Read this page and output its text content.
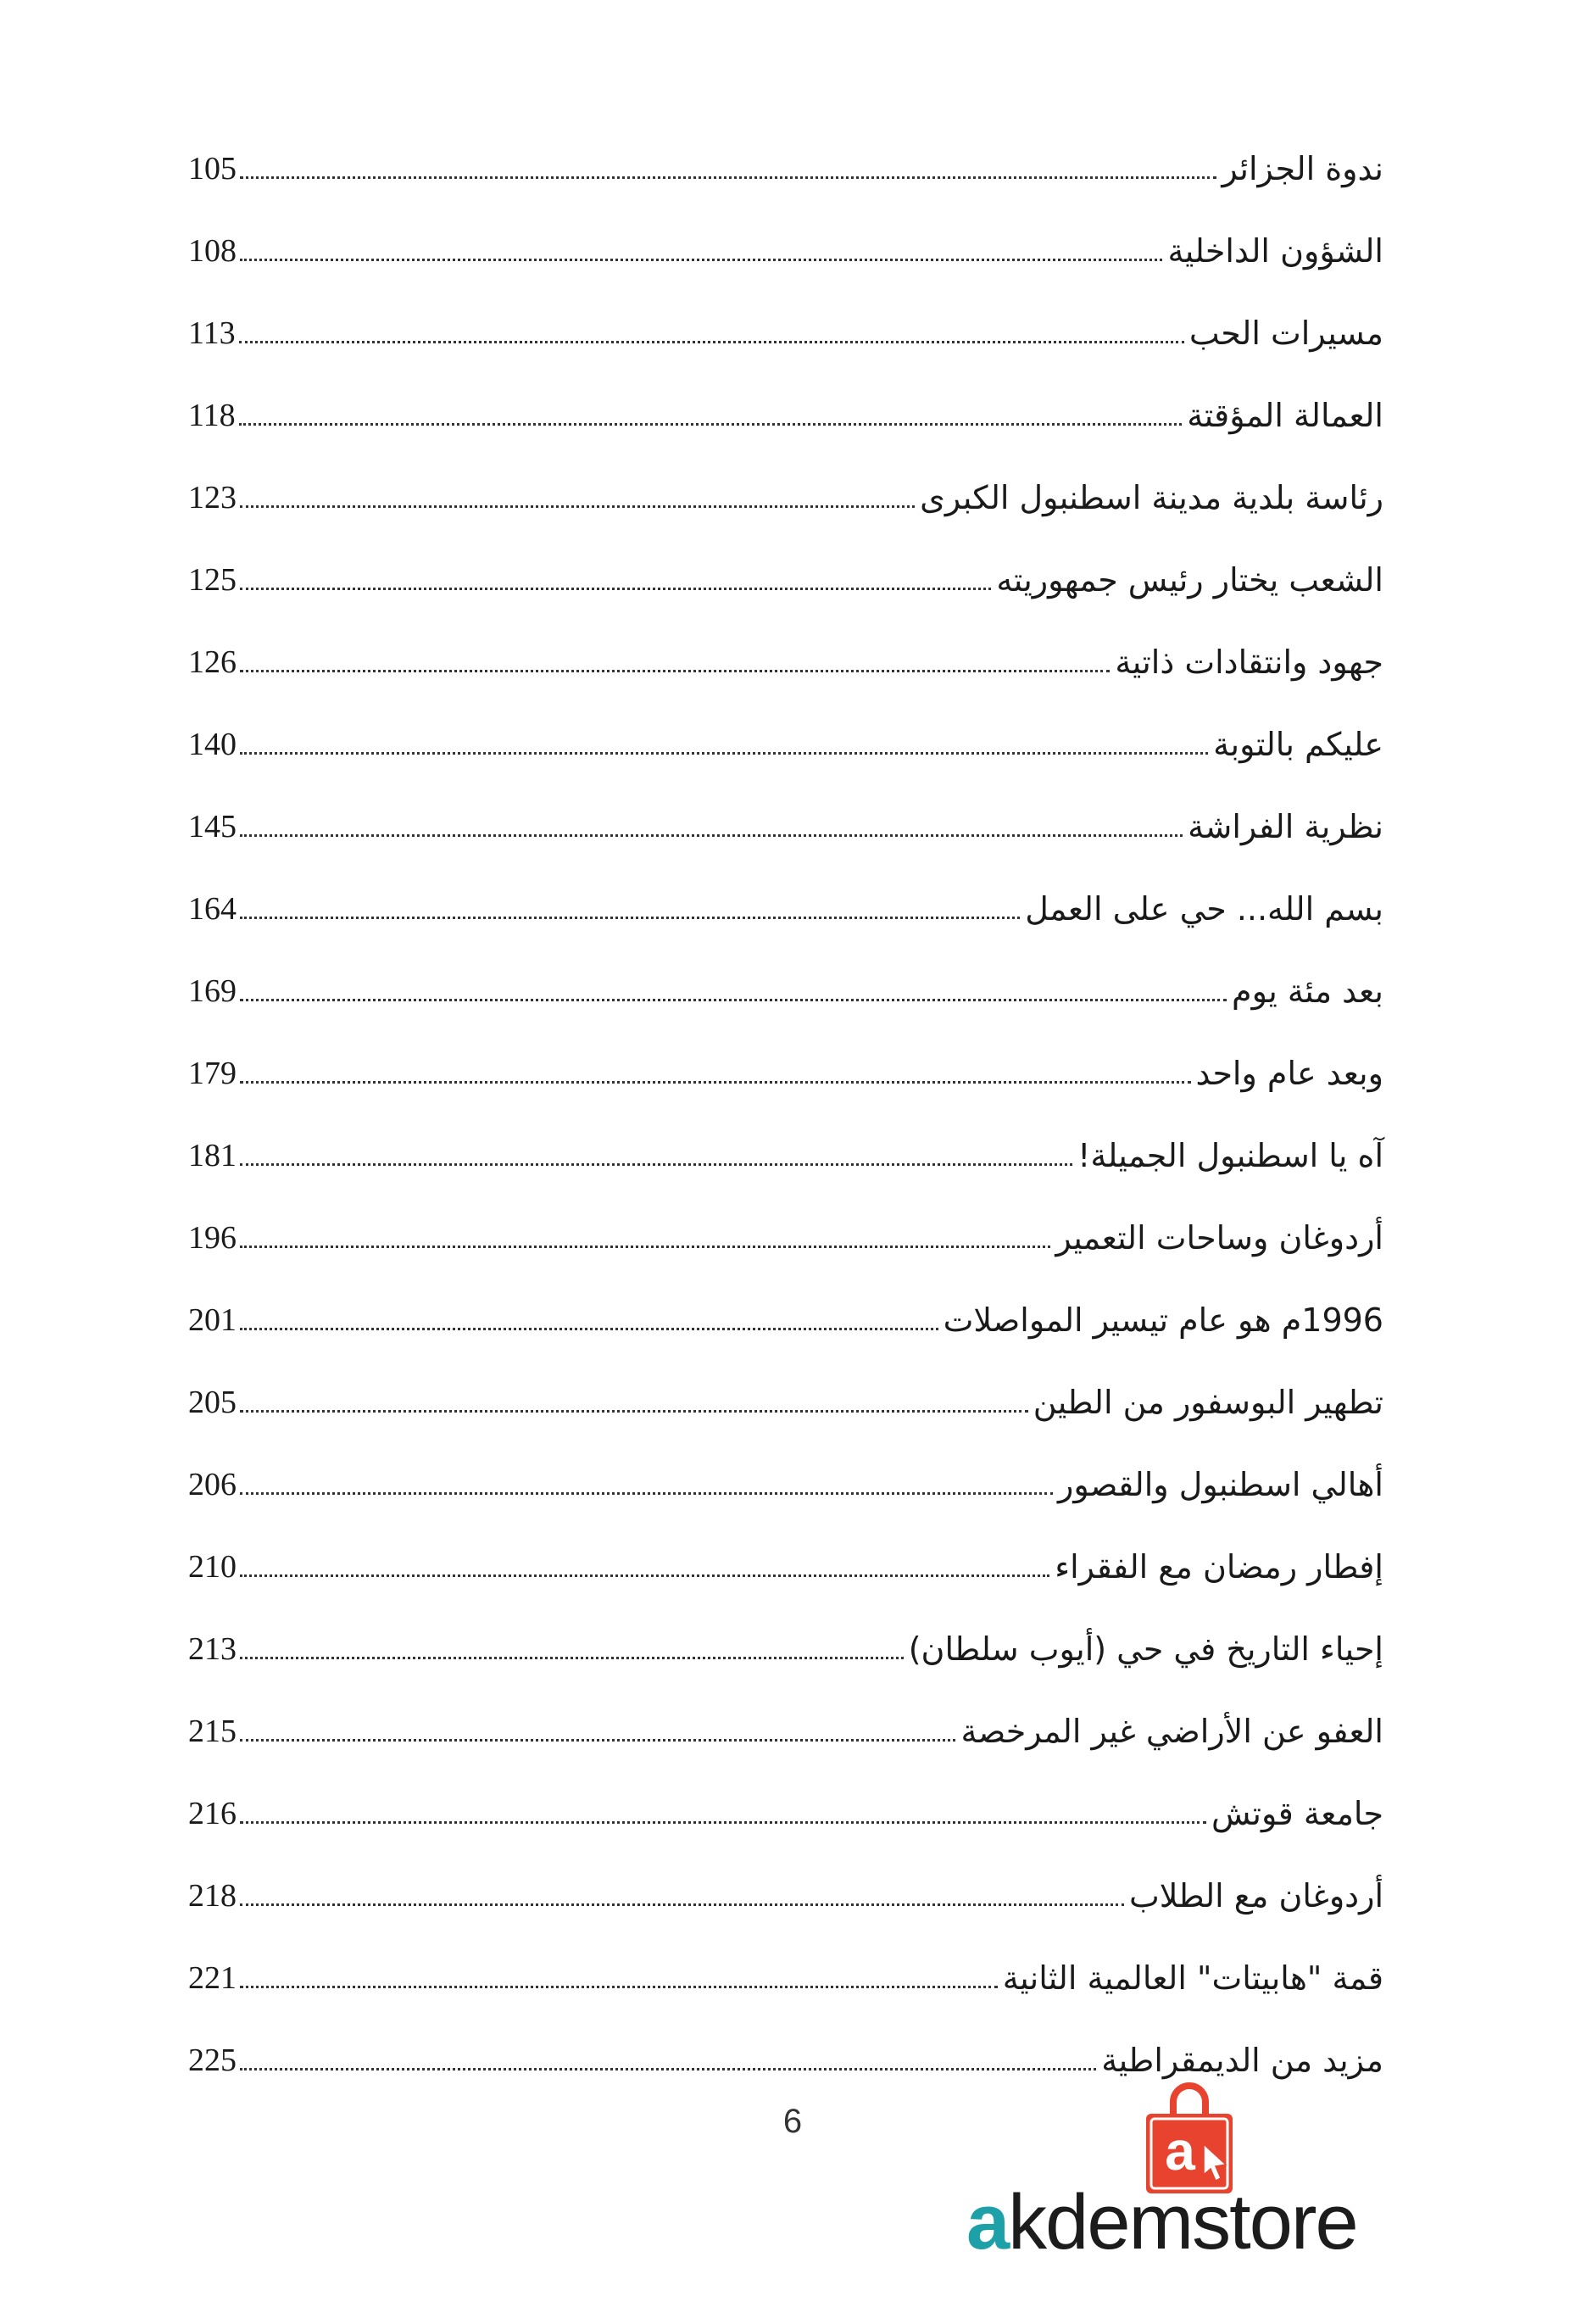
105	ندوة الجزائر
108	الشؤون الداخلية
113	مسيرات الحب
118	العمالة المؤقتة
123	رئاسة بلدية مدينة اسطنبول الكبرى
125	الشعب يختار رئيس جمهوريته
126	جهود وانتقادات ذاتية
140	عليكم بالتوبة
145	نظرية الفراشة
164	بسم الله... حي على العمل
169	بعد مئة يوم
179	وبعد عام واحد
181	آه يا اسطنبول الجميلة!
196	أردوغان وساحات التعمير
201	1996م هو عام تيسير المواصلات
205	تطهير البوسفور من الطين
206	أهالي اسطنبول والقصور
210	إفطار رمضان مع الفقراء
213	إحياء التاريخ في حي (أيوب سلطان)
215	العفو عن الأراضي غير المرخصة
216	جامعة قوتش
218	أردوغان مع الطلاب
221	قمة "هابيتات" العالمية الثانية
225	مزيد من الديمقراطية
6	a
akdemstore
